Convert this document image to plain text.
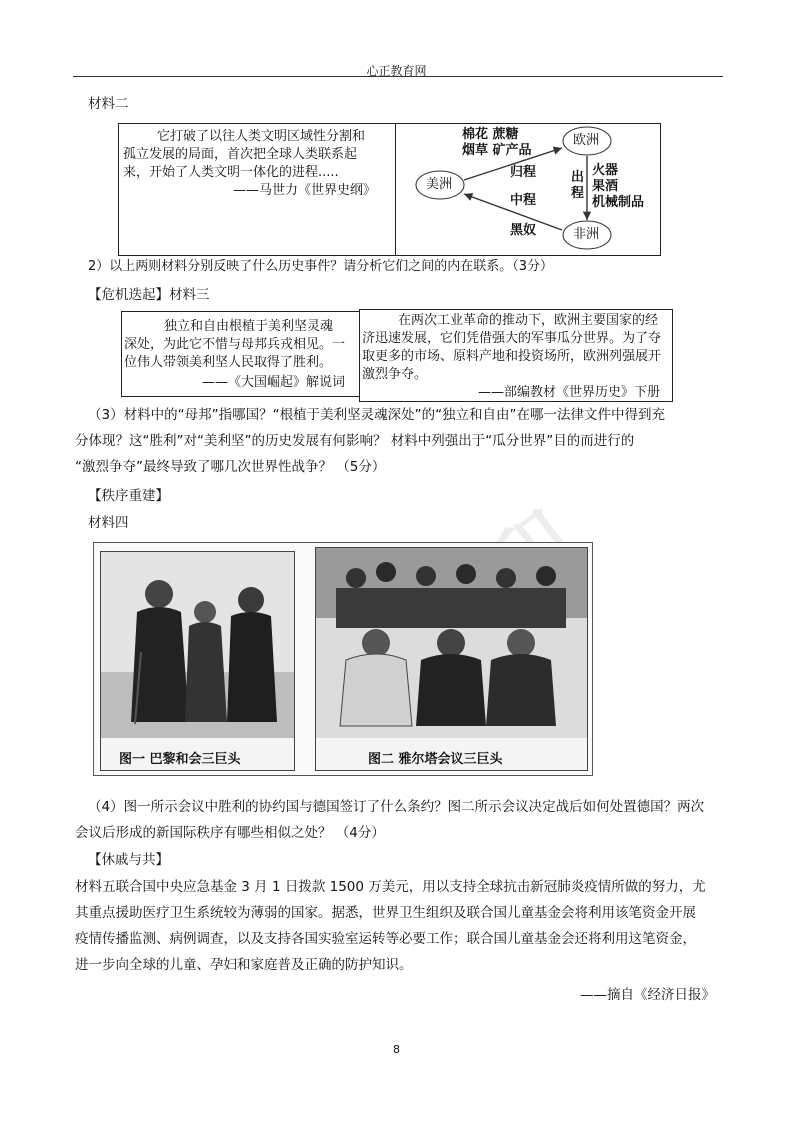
心正教育网
材料二
它打破了以往人类文明区域性分割和
孤立发展的局面，首次把全球人类联系起
来，开始了人类文明一体化的进程.....
——马世力《世界史纲》
欧洲
美洲
非洲
棉花 蔗糖
烟草 矿产品
归程	出程
中程
黑奴
火器
果酒
机械制品
2）以上两则材料分别反映了什么历史事件？请分析它们之间的内在联系。（3分）
【危机迭起】材料三
独立和自由根植于美利坚灵魂
深处，为此它不惜与母邦兵戎相见。一
位伟人带领美利坚人民取得了胜利。
——《大国崛起》解说词
在两次工业革命的推动下，欧洲主要国家的经
济迅速发展，它们凭借强大的军事瓜分世界。为了夺
取更多的市场、原料产地和投资场所，欧洲列强展开
激烈争夺。
——部编教材《世界历史》下册
（3）材料中的“母邦”指哪国？“根植于美利坚灵魂深处”的“独立和自由”在哪一法律文件中得到充
分体现？这“胜利”对“美利坚”的历史发展有何影响？ 材料中列强出于“瓜分世界”目的而进行的
“激烈争夺”最终导致了哪几次世界性战争？ （5分）
【秩序重建】
材料四
图一 巴黎和会三巨头	图二 雅尔塔会议三巨头
（4）图一所示会议中胜利的协约国与德国签订了什么条约？图二所示会议决定战后如何处置德国？两次
会议后形成的新国际秩序有哪些相似之处？ （4分）
【休戚与共】
材料五联合国中央应急基金 3 月 1 日拨款 1500 万美元，用以支持全球抗击新冠肺炎疫情所做的努力，尤
其重点援助医疗卫生系统较为薄弱的国家。据悉，世界卫生组织及联合国儿童基金会将利用该笔资金开展
疫情传播监测、病例调查，以及支持各国实验室运转等必要工作；联合国儿童基金会还将利用这笔资金，
进一步向全球的儿童、孕妇和家庭普及正确的防护知识。
——摘自《经济日报》
8
